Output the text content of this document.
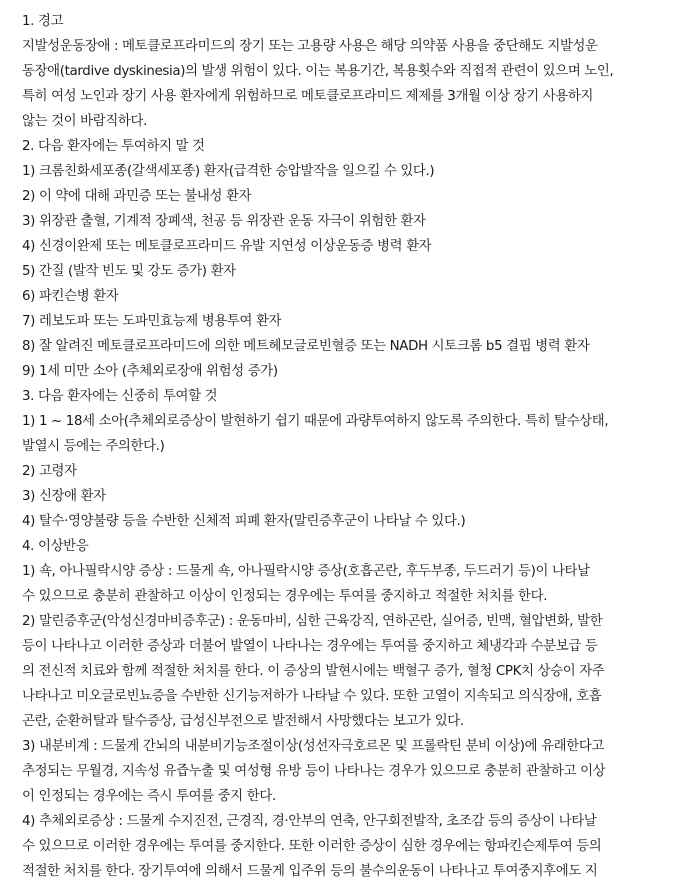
1. 경고
지발성운동장애 : 메토클로프라미드의 장기 또는 고용량 사용은 해당 의약품 사용을 중단해도 지발성운
동장애(tardive dyskinesia)의 발생 위험이 있다. 이는 복용기간, 복용횟수와 직접적 관련이 있으며 노인,
특히 여성 노인과 장기 사용 환자에게 위험하므로 메토클로프라미드 제제를 3개월 이상 장기 사용하지
않는 것이 바람직하다.
2. 다음 환자에는 투여하지 말 것
1) 크롬친화세포종(갈색세포종) 환자(급격한 승압발작을 일으킬 수 있다.)
2) 이 약에 대해 과민증 또는 불내성 환자
3) 위장관 출혈, 기계적 장폐색, 천공 등 위장관 운동 자극이 위험한 환자
4) 신경이완제 또는 메토클로프라미드 유발 지연성 이상운동증 병력 환자
5) 간질 (발작 빈도 및 강도 증가) 환자
6) 파킨슨병 환자
7) 레보도파 또는 도파민효능제 병용투여 환자
8) 잘 알려진 메토클로프라미드에 의한 메트헤모글로빈혈증 또는 NADH 시토크롬 b5 결핍 병력 환자
9) 1세 미만 소아 (추체외로장애 위험성 증가)
3. 다음 환자에는 신중히 투여할 것
1) 1 ~ 18세 소아(추체외로증상이 발현하기 쉽기 때문에 과량투여하지 않도록 주의한다. 특히 탈수상태,
발열시 등에는 주의한다.)
2) 고령자
3) 신장애 환자
4) 탈수·영양불량 등을 수반한 신체적 피폐 환자(말린증후군이 나타날 수 있다.)
4. 이상반응
1) 쇽, 아나필락시양 증상 : 드물게 쇽, 아나필락시양 증상(호흡곤란, 후두부종, 두드러기 등)이 나타날
수 있으므로 충분히 관찰하고 이상이 인정되는 경우에는 투여를 중지하고 적절한 처치를 한다.
2) 말린증후군(악성신경마비증후군) : 운동마비, 심한 근육강직, 연하곤란, 실어증, 빈맥, 혈압변화, 발한
등이 나타나고 이러한 증상과 더불어 발열이 나타나는 경우에는 투여를 중지하고 체냉각과 수분보급 등
의 전신적 치료와 함께 적절한 처치를 한다. 이 증상의 발현시에는 백혈구 증가, 혈청 CPK치 상승이 자주
나타나고 미오글로빈뇨증을 수반한 신기능저하가 나타날 수 있다. 또한 고열이 지속되고 의식장애, 호흡
곤란, 순환허탈과 탈수증상, 급성신부전으로 발전해서 사망했다는 보고가 있다.
3) 내분비계 : 드물게 간뇌의 내분비기능조절이상(성선자극호르몬 및 프롤락틴 분비 이상)에 유래한다고
추정되는 무월경, 지속성 유즙누출 및 여성형 유방 등이 나타나는 경우가 있으므로 충분히 관찰하고 이상
이 인정되는 경우에는 즉시 투여를 중지 한다.
4) 추체외로증상 : 드물게 수지진전, 근경직, 경·안부의 연축, 안구회전발작, 초조감 등의 증상이 나타날
수 있으므로 이러한 경우에는 투여를 중지한다. 또한 이러한 증상이 심한 경우에는 항파킨슨제투여 등의
적절한 처치를 한다. 장기투여에 의해서 드물게 입주위 등의 불수의운동이 나타나고 투여중지후에도 지
